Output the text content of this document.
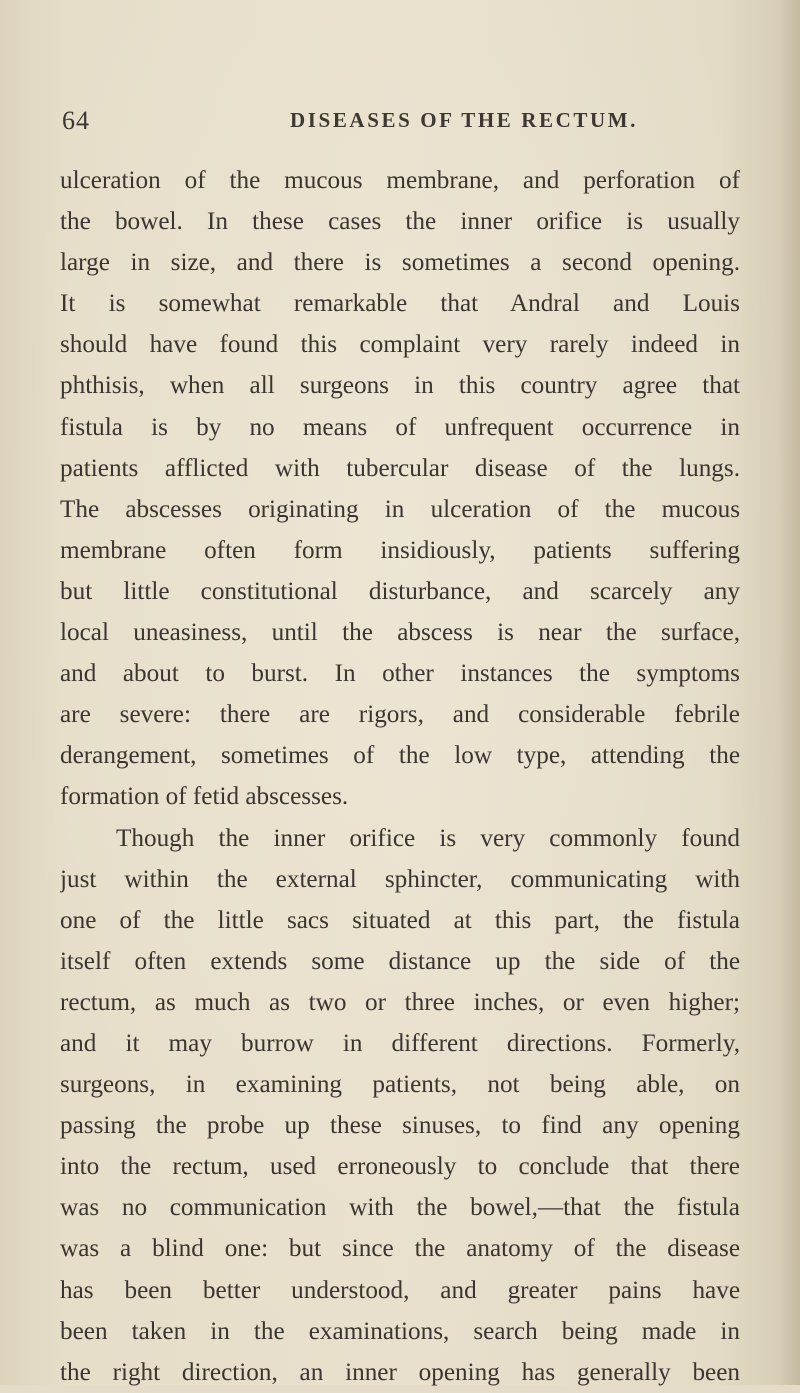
64	DISEASES OF THE RECTUM.
ulceration of the mucous membrane, and perforation of
the bowel. In these cases the inner orifice is usually
large in size, and there is sometimes a second opening.
It is somewhat remarkable that Andral and Louis
should have found this complaint very rarely indeed in
phthisis, when all surgeons in this country agree that
fistula is by no means of unfrequent occurrence in
patients afflicted with tubercular disease of the lungs.
The abscesses originating in ulceration of the mucous
membrane often form insidiously, patients suffering
but little constitutional disturbance, and scarcely any
local uneasiness, until the abscess is near the surface,
and about to burst. In other instances the symptoms
are severe: there are rigors, and considerable febrile
derangement, sometimes of the low type, attending the
formation of fetid abscesses.
Though the inner orifice is very commonly found
just within the external sphincter, communicating with
one of the little sacs situated at this part, the fistula
itself often extends some distance up the side of the
rectum, as much as two or three inches, or even higher;
and it may burrow in different directions. Formerly,
surgeons, in examining patients, not being able, on
passing the probe up these sinuses, to find any opening
into the rectum, used erroneously to conclude that there
was no communication with the bowel,—that the fistula
was a blind one: but since the anatomy of the disease
has been better understood, and greater pains have
been taken in the examinations, search being made in
the right direction, an inner opening has generally been
